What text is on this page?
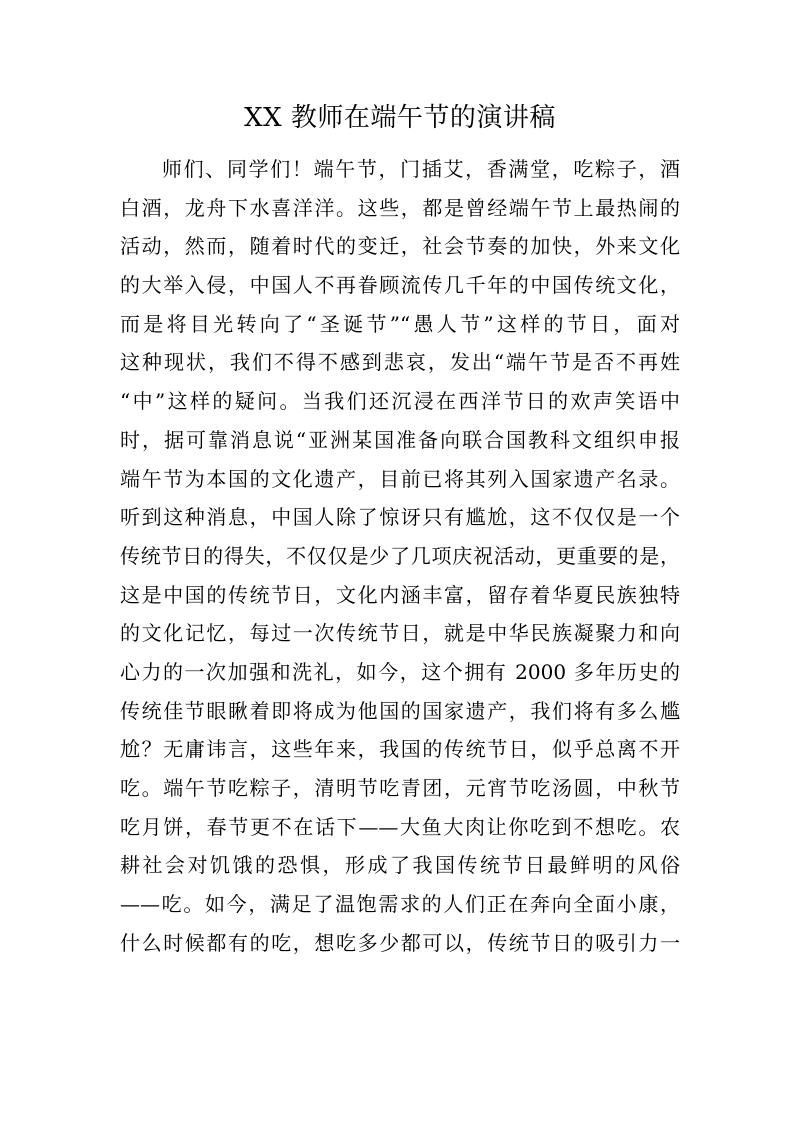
XX 教师在端午节的演讲稿
师们、同学们！端午节，门插艾，香满堂，吃粽子，酒
白酒，龙舟下水喜洋洋。这些，都是曾经端午节上最热闹的
活动，然而，随着时代的变迁，社会节奏的加快，外来文化
的大举入侵，中国人不再眷顾流传几千年的中国传统文化，
而是将目光转向了“圣诞节”“愚人节”这样的节日，面对
这种现状，我们不得不感到悲哀，发出“端午节是否不再姓
“中”这样的疑问。当我们还沉浸在西洋节日的欢声笑语中
时，据可靠消息说“亚洲某国准备向联合国教科文组织申报
端午节为本国的文化遗产，目前已将其列入国家遗产名录。
听到这种消息，中国人除了惊讶只有尴尬，这不仅仅是一个
传统节日的得失，不仅仅是少了几项庆祝活动，更重要的是，
这是中国的传统节日，文化内涵丰富，留存着华夏民族独特
的文化记忆，每过一次传统节日，就是中华民族凝聚力和向
心力的一次加强和洗礼，如今，这个拥有 2000 多年历史的
传统佳节眼瞅着即将成为他国的国家遗产，我们将有多么尴
尬？无庸讳言，这些年来，我国的传统节日，似乎总离不开
吃。端午节吃粽子，清明节吃青团，元宵节吃汤圆，中秋节
吃月饼，春节更不在话下——大鱼大肉让你吃到不想吃。农
耕社会对饥饿的恐惧，形成了我国传统节日最鲜明的风俗
——吃。如今，满足了温饱需求的人们正在奔向全面小康，
什么时候都有的吃，想吃多少都可以，传统节日的吸引力一
